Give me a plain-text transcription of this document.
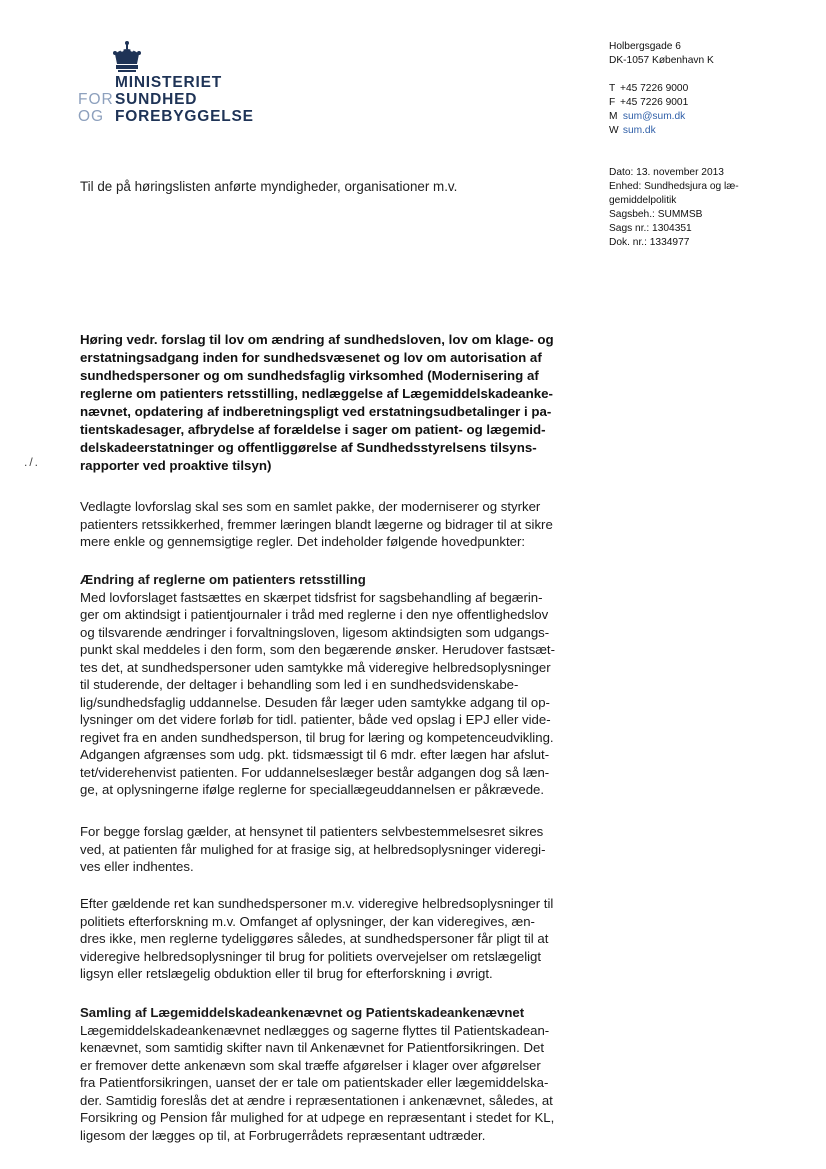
MINISTERIET
FORSUNDHED
OG FOREBYGGELSE
Holbergsgade 6
DK-1057 København K
T +45 7226 9000
F +45 7226 9001
M sum@sum.dk
W sum.dk
Dato: 13. november 2013
Enhed: Sundhedsjura og læ-
gemiddelpolitik
Sagsbeh.: SUMMSB
Sags nr.: 1304351
Dok. nr.: 1334977
Til de på høringslisten anførte myndigheder, organisationer m.v.
Høring vedr. forslag til lov om ændring af sundhedsloven, lov om klage- og
erstatningsadgang inden for sundhedsvæsenet og lov om autorisation af
sundhedspersoner og om sundhedsfaglig virksomhed (Modernisering af
reglerne om patienters retsstilling, nedlæggelse af Lægemiddelskadeanke-
nævnet, opdatering af indberetningspligt ved erstatningsudbetalinger i pa-
tientskadesager, afbrydelse af forældelse i sager om patient- og lægemid-
delskadeerstatninger og offentliggørelse af Sundhedsstyrelsens tilsyns-
rapporter ved proaktive tilsyn)
./.
Vedlagte lovforslag skal ses som en samlet pakke, der moderniserer og styrker
patienters retssikkerhed, fremmer læringen blandt lægerne og bidrager til at sikre
mere enkle og gennemsigtige regler. Det indeholder følgende hovedpunkter:
Ændring af reglerne om patienters retsstilling
Med lovforslaget fastsættes en skærpet tidsfrist for sagsbehandling af begærin-
ger om aktindsigt i patientjournaler i tråd med reglerne i den nye offentlighedslov
og tilsvarende ændringer i forvaltningsloven, ligesom aktindsigten som udgangs-
punkt skal meddeles i den form, som den begærende ønsker. Herudover fastsæt-
tes det, at sundhedspersoner uden samtykke må videregive helbredsoplysninger
til studerende, der deltager i behandling som led i en sundhedsvidenskabe-
lig/sundhedsfaglig uddannelse. Desuden får læger uden samtykke adgang til op-
lysninger om det videre forløb for tidl. patienter, både ved opslag i EPJ eller vide-
regivet fra en anden sundhedsperson, til brug for læring og kompetenceudvikling.
Adgangen afgrænses som udg. pkt. tidsmæssigt til 6 mdr. efter lægen har afslut-
tet/viderehenvist patienten. For uddannelseslæger består adgangen dog så læn-
ge, at oplysningerne ifølge reglerne for speciallægeuddannelsen er påkrævede.
For begge forslag gælder, at hensynet til patienters selvbestemmelsesret sikres
ved, at patienten får mulighed for at frasige sig, at helbredsoplysninger videregi-
ves eller indhentes.
Efter gældende ret kan sundhedspersoner m.v. videregive helbredsoplysninger til
politiets efterforskning m.v. Omfanget af oplysninger, der kan videregives, æn-
dres ikke, men reglerne tydeliggøres således, at sundhedspersoner får pligt til at
videregive helbredsoplysninger til brug for politiets overvejelser om retslægeligt
ligsyn eller retslægelig obduktion eller til brug for efterforskning i øvrigt.
Samling af Lægemiddelskadeankenævnet og Patientskadeankenævnet
Lægemiddelskadeankenævnet nedlægges og sagerne flyttes til Patientskadean-
kenævnet, som samtidig skifter navn til Ankenævnet for Patientforsikringen. Det
er fremover dette ankenævn som skal træffe afgørelser i klager over afgørelser
fra Patientforsikringen, uanset der er tale om patientskader eller lægemiddelska-
der. Samtidig foreslås det at ændre i repræsentationen i ankenævnet, således, at
Forsikring og Pension får mulighed for at udpege en repræsentant i stedet for KL,
ligesom der lægges op til, at Forbrugerrådets repræsentant udtræder.
